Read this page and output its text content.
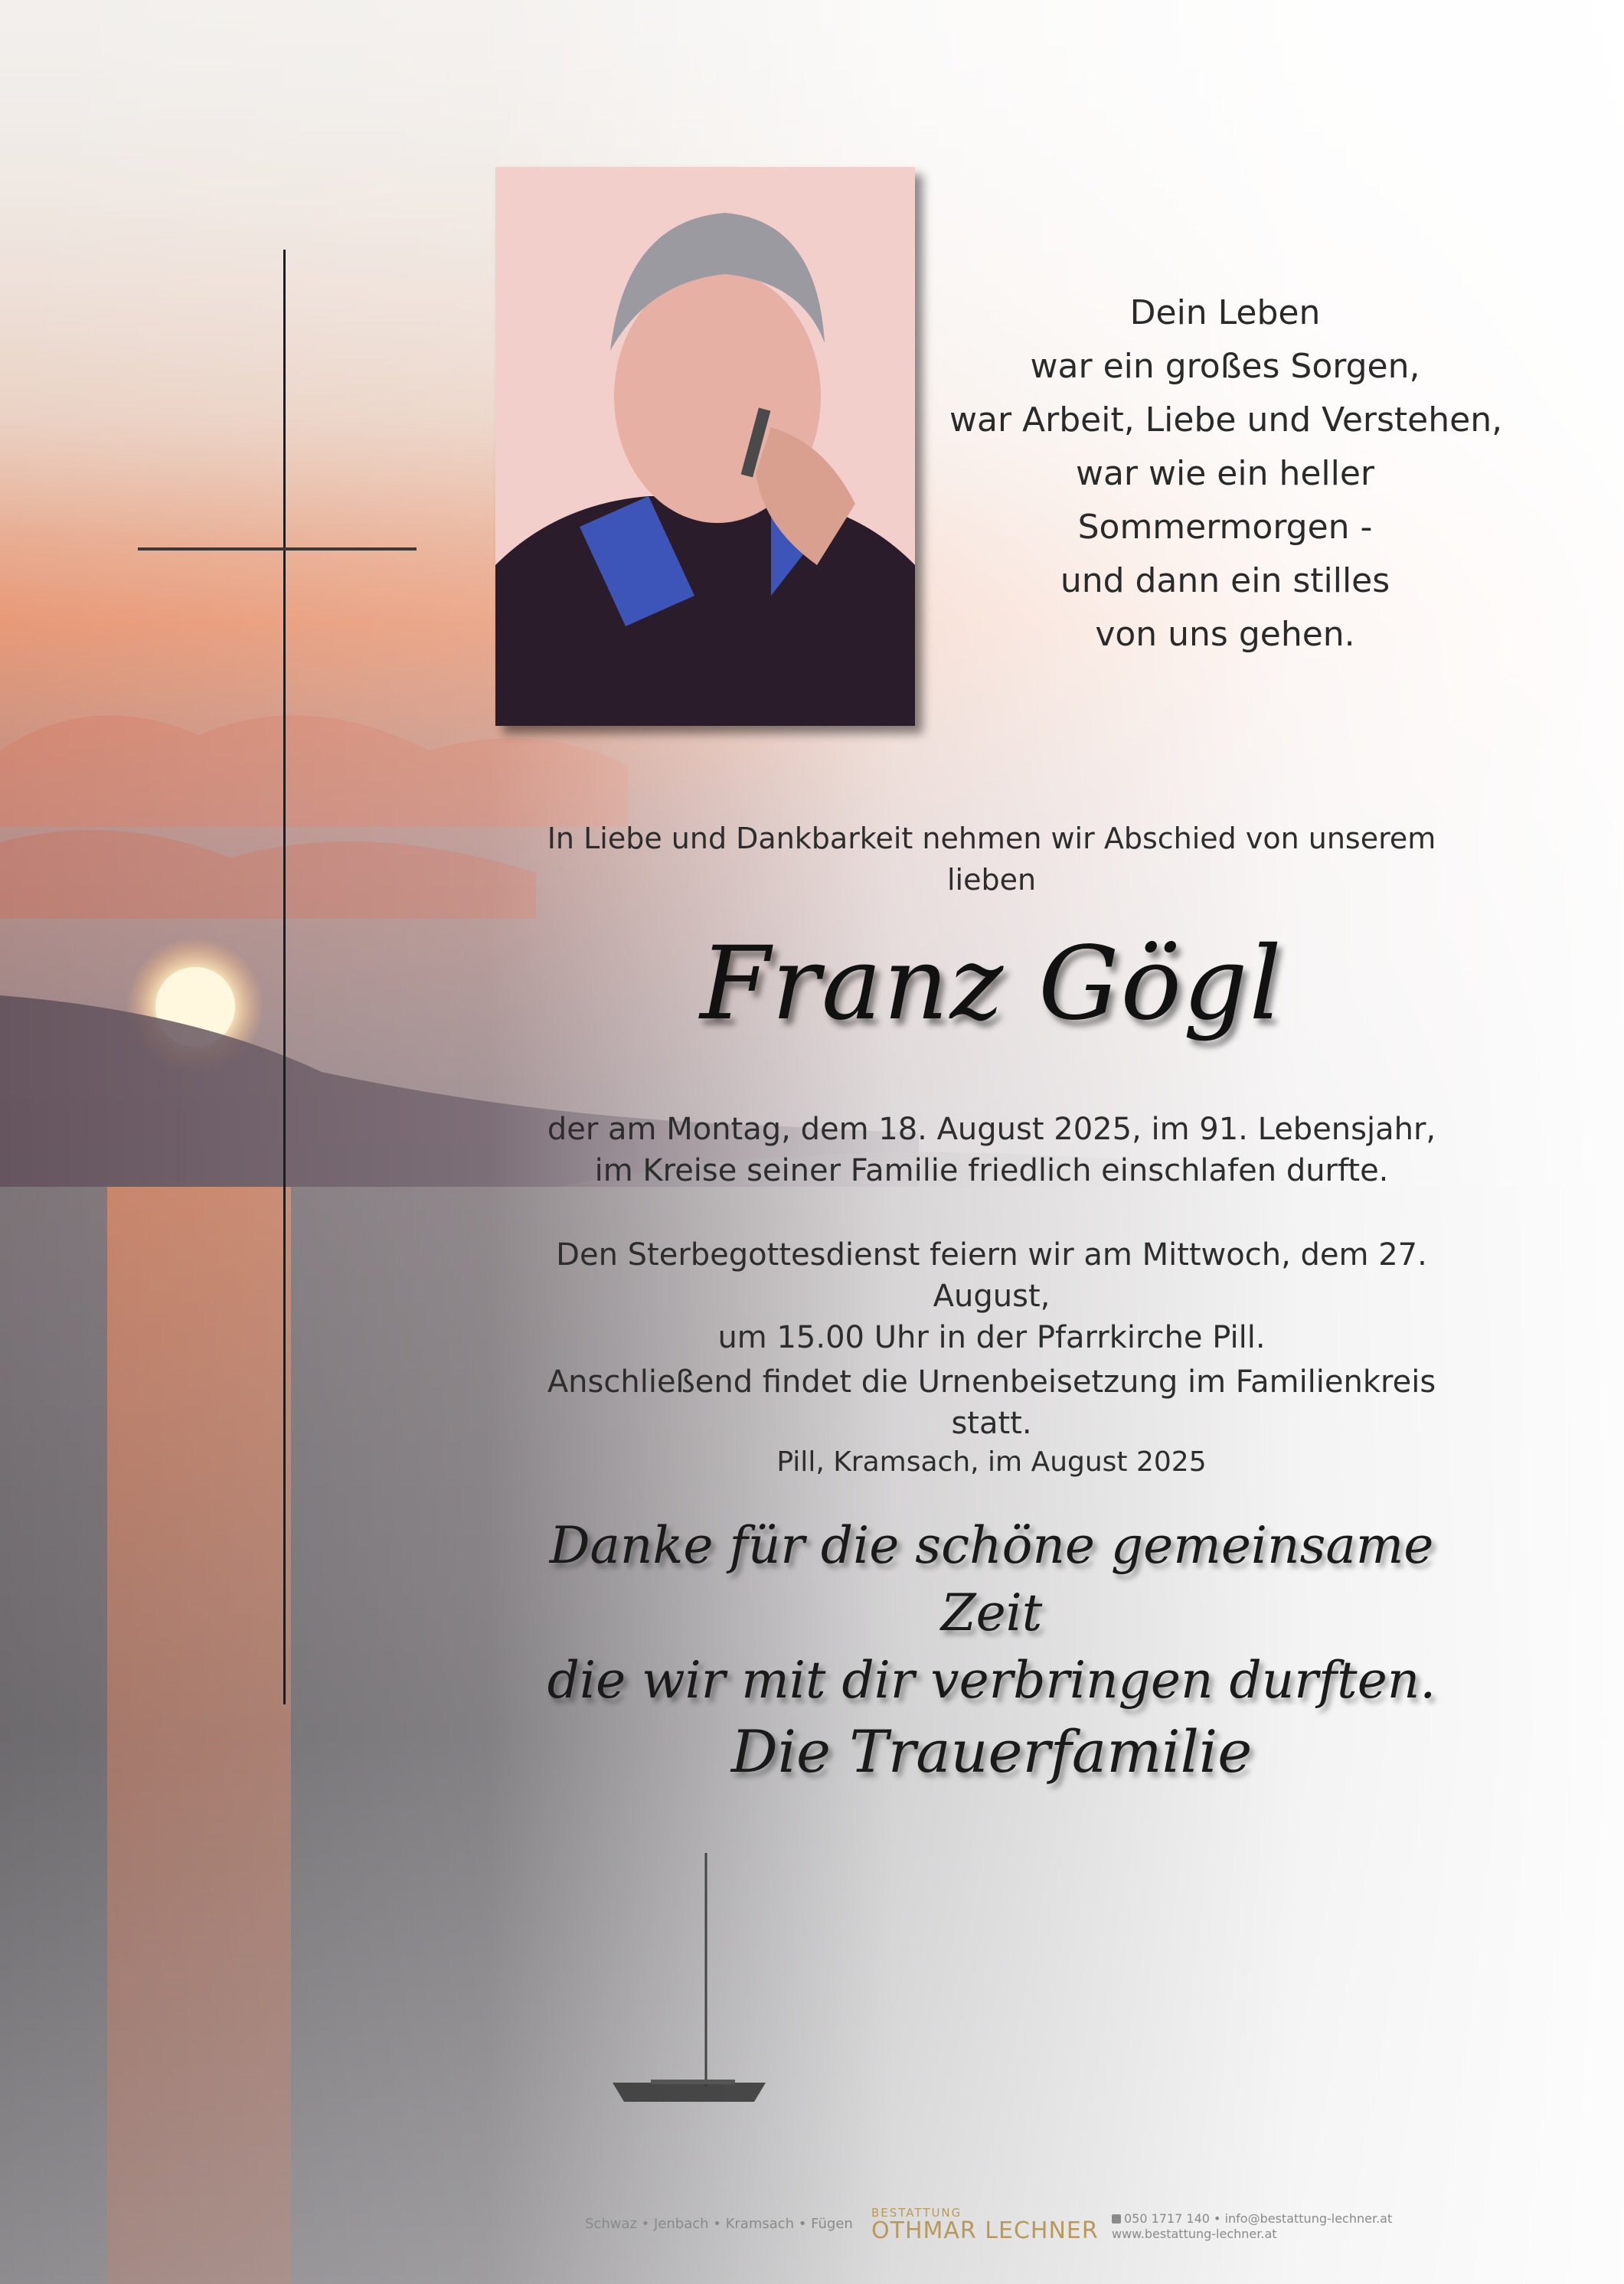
Dein Leben
war ein großes Sorgen,
war Arbeit, Liebe und Verstehen,
war wie ein heller
Sommermorgen -
und dann ein stilles
von uns gehen.
In Liebe und Dankbarkeit nehmen wir Abschied von unserem
lieben
Franz Gögl
der am Montag, dem 18. August 2025, im 91. Lebensjahr,
im Kreise seiner Familie friedlich einschlafen durfte.
Den Sterbegottesdienst feiern wir am Mittwoch, dem 27. August,
um 15.00 Uhr in der Pfarrkirche Pill.
Anschließend findet die Urnenbeisetzung im Familienkreis statt.
Pill, Kramsach, im August 2025
Danke für die schöne gemeinsame Zeit
die wir mit dir verbringen durften.
Die Trauerfamilie
Schwaz • Jenbach • Kramsach • Fügen
BESTATTUNG
OTHMAR LECHNER	050 1717 140 • info@bestattung-lechner.at
www.bestattung-lechner.at
